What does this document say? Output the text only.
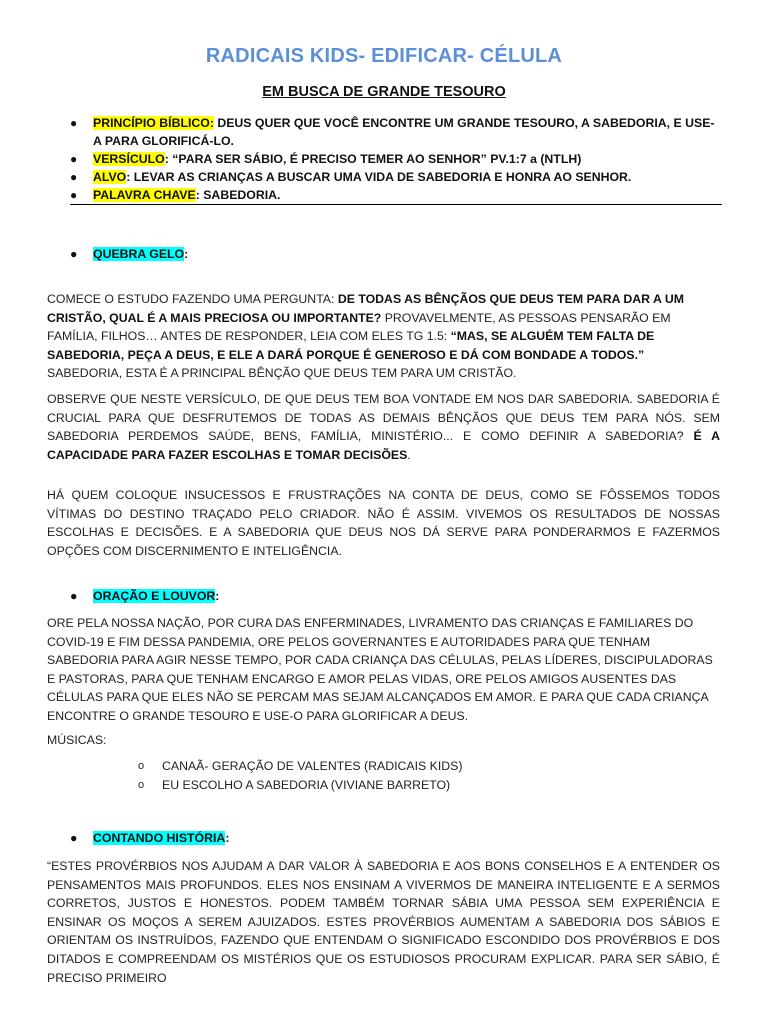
RADICAIS KIDS- EDIFICAR- CÉLULA
EM BUSCA DE GRANDE TESOURO
● PRINCÍPIO BÍBLICO: DEUS QUER QUE VOCÊ ENCONTRE UM GRANDE TESOURO, A SABEDORIA, E USE-A PARA GLORIFICÁ-LO.
● VERSÍCULO: “PARA SER SÁBIO, É PRECISO TEMER AO SENHOR” PV.1:7 a (NTLH)
● ALVO: LEVAR AS CRIANÇAS A BUSCAR UMA VIDA DE SABEDORIA E HONRA AO SENHOR.
● PALAVRA CHAVE: SABEDORIA.
● QUEBRA GELO:
COMECE O ESTUDO FAZENDO UMA PERGUNTA: DE TODAS AS BÊNÇÃOS QUE DEUS TEM PARA DAR A UM CRISTÃO, QUAL É A MAIS PRECIOSA OU IMPORTANTE? PROVAVELMENTE, AS PESSOAS PENSARÃO EM FAMÍLIA, FILHOS… ANTES DE RESPONDER, LEIA COM ELES TG 1.5: “MAS, SE ALGUÉM TEM FALTA DE SABEDORIA, PEÇA A DEUS, E ELE A DARÁ PORQUE É GENEROSO E DÁ COM BONDADE A TODOS.” SABEDORIA, ESTA É A PRINCIPAL BÊNÇÃO QUE DEUS TEM PARA UM CRISTÃO.
OBSERVE QUE NESTE VERSÍCULO, DE QUE DEUS TEM BOA VONTADE EM NOS DAR SABEDORIA. SABEDORIA É CRUCIAL PARA QUE DESFRUTEMOS DE TODAS AS DEMAIS BÊNÇÃOS QUE DEUS TEM PARA NÓS. SEM SABEDORIA PERDEMOS SAÚDE, BENS, FAMÍLIA, MINISTÉRIO... E COMO DEFINIR A SABEDORIA? É A CAPACIDADE PARA FAZER ESCOLHAS E TOMAR DECISÕES.
HÁ QUEM COLOQUE INSUCESSOS E FRUSTRAÇÕES NA CONTA DE DEUS, COMO SE FÔSSEMOS TODOS VÍTIMAS DO DESTINO TRAÇADO PELO CRIADOR. NÃO É ASSIM. VIVEMOS OS RESULTADOS DE NOSSAS ESCOLHAS E DECISÕES. E A SABEDORIA QUE DEUS NOS DÁ SERVE PARA PONDERARMOS E FAZERMOS OPÇÕES COM DISCERNIMENTO E INTELIGÊNCIA.
● ORAÇÃO E LOUVOR:
ORE PELA NOSSA NAÇÃO, POR CURA DAS ENFERMINADES, LIVRAMENTO DAS CRIANÇAS E FAMILIARES DO COVID-19 E FIM DESSA PANDEMIA, ORE PELOS GOVERNANTES E AUTORIDADES PARA QUE TENHAM SABEDORIA PARA AGIR NESSE TEMPO, POR CADA CRIANÇA DAS CÉLULAS, PELAS LÍDERES, DISCIPULADORAS E PASTORAS, PARA QUE TENHAM ENCARGO E AMOR PELAS VIDAS, ORE PELOS AMIGOS AUSENTES DAS CÉLULAS PARA QUE ELES NÃO SE PERCAM MAS SEJAM ALCANÇADOS EM AMOR. E PARA QUE CADA CRIANÇA ENCONTRE O GRANDE TESOURO E USE-O PARA GLORIFICAR A DEUS.
MÚSICAS:
o CANAÃ- GERAÇÃO DE VALENTES (RADICAIS KIDS)
o EU ESCOLHO A SABEDORIA (VIVIANE BARRETO)
● CONTANDO HISTÓRIA:
“ESTES PROVÉRBIOS NOS AJUDAM A DAR VALOR À SABEDORIA E AOS BONS CONSELHOS E A ENTENDER OS PENSAMENTOS MAIS PROFUNDOS. ELES NOS ENSINAM A VIVERMOS DE MANEIRA INTELIGENTE E A SERMOS CORRETOS, JUSTOS E HONESTOS. PODEM TAMBÉM TORNAR SÁBIA UMA PESSOA SEM EXPERIÊNCIA E ENSINAR OS MOÇOS A SEREM AJUIZADOS. ESTES PROVÉRBIOS AUMENTAM A SABEDORIA DOS SÁBIOS E ORIENTAM OS INSTRUÍDOS, FAZENDO QUE ENTENDAM O SIGNIFICADO ESCONDIDO DOS PROVÉRBIOS E DOS DITADOS E COMPREENDAM OS MISTÉRIOS QUE OS ESTUDIOSOS PROCURAM EXPLICAR. PARA SER SÁBIO, É PRECISO PRIMEIRO
